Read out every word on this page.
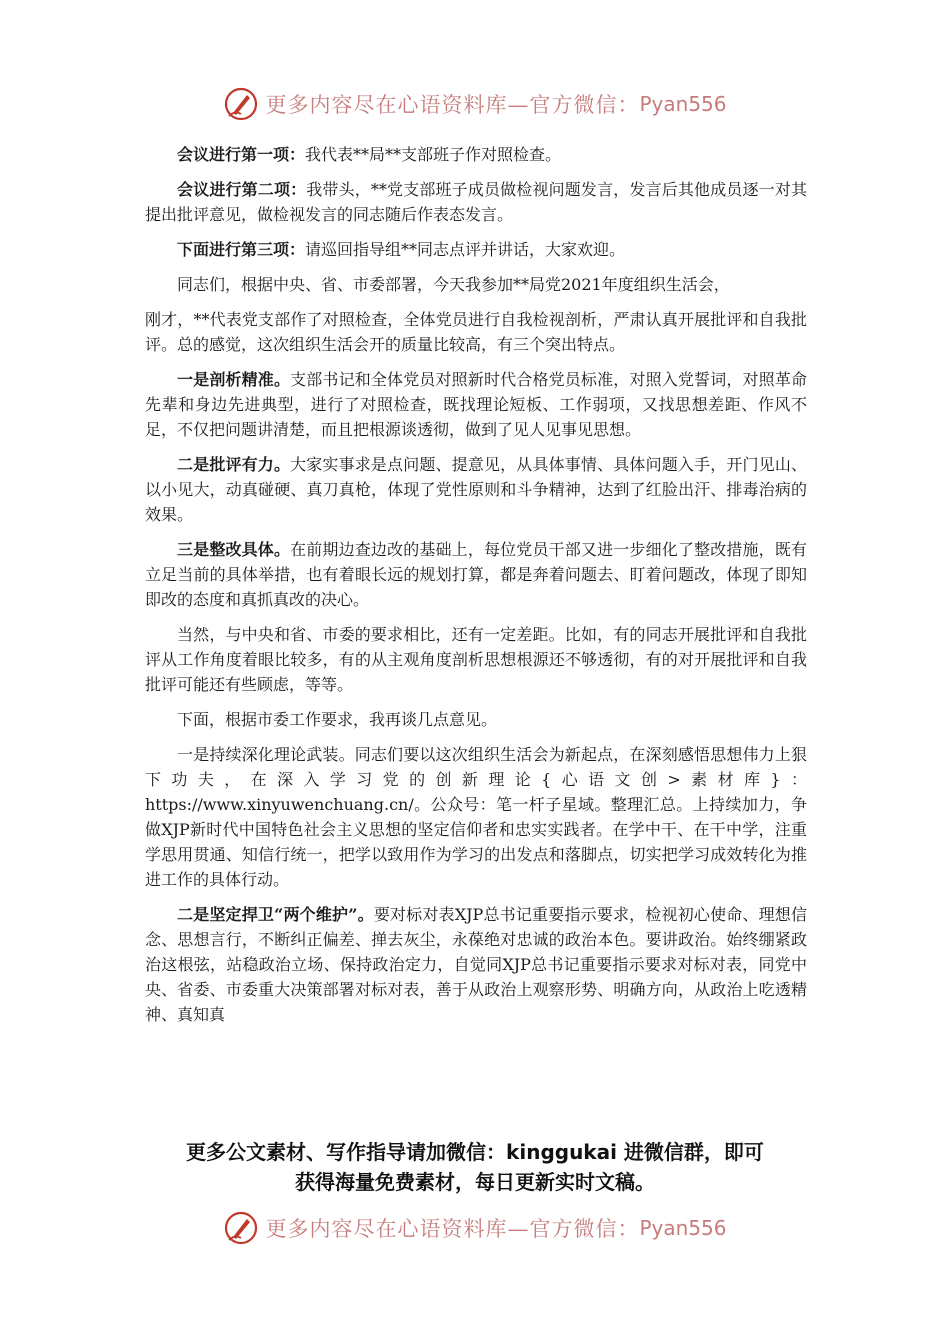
更多内容尽在心语资料库—官方微信： Pyan556

会议进行第一项：我代表**局**支部班子作对照检查。

会议进行第二项：我带头，**党支部班子成员做检视问题发言，发言后其他成员逐一对其提出批评意见，做检视发言的同志随后作表态发言。

下面进行第三项：请巡回指导组**同志点评并讲话，大家欢迎。

同志们，根据中央、省、市委部署，今天我参加**局党2021年度组织生活会，

刚才，**代表党支部作了对照检查，全体党员进行自我检视剖析，严肃认真开展批评和自我批评。总的感觉，这次组织生活会开的质量比较高，有三个突出特点。

一是剖析精准。支部书记和全体党员对照新时代合格党员标准，对照入党誓词，对照革命先辈和身边先进典型，进行了对照检查，既找理论短板、工作弱项，又找思想差距、作风不足，不仅把问题讲清楚，而且把根源谈透彻，做到了见人见事见思想。

二是批评有力。大家实事求是点问题、提意见，从具体事情、具体问题入手，开门见山、以小见大，动真碰硬、真刀真枪，体现了党性原则和斗争精神，达到了红脸出汗、排毒治病的效果。

三是整改具体。在前期边查边改的基础上，每位党员干部又进一步细化了整改措施，既有立足当前的具体举措，也有着眼长远的规划打算，都是奔着问题去、盯着问题改，体现了即知即改的态度和真抓真改的决心。

当然，与中央和省、市委的要求相比，还有一定差距。比如，有的同志开展批评和自我批评从工作角度着眼比较多，有的从主观角度剖析思想根源还不够透彻，有的对开展批评和自我批评可能还有些顾虑，等等。

下面，根据市委工作要求，我再谈几点意见。

一是持续深化理论武装。同志们要以这次组织生活会为新起点，在深刻感悟思想伟力上狠下功夫，在深入学习党的创新理论{心语文创>素材库}：https://www.xinyuwenchuang.cn/。公众号：笔一杆子星域。整理汇总。上持续加力，争做XJP新时代中国特色社会主义思想的坚定信仰者和忠实实践者。在学中干、在干中学，注重学思用贯通、知信行统一，把学以致用作为学习的出发点和落脚点，切实把学习成效转化为推进工作的具体行动。

二是坚定捍卫“两个维护”。要对标对表XJP总书记重要指示要求，检视初心使命、理想信念、思想言行，不断纠正偏差、掸去灰尘，永葆绝对忠诚的政治本色。要讲政治。始终绷紧政治这根弦，站稳政治立场、保持政治定力，自觉同XJP总书记重要指示要求对标对表，同党中央、省委、市委重大决策部署对标对表，善于从政治上观察形势、明确方向，从政治上吃透精神、真知真

更多公文素材、写作指导请加微信：kinggukai 进微信群，即可
获得海量免费素材，每日更新实时文稿。
更多内容尽在心语资料库—官方微信： Pyan556
